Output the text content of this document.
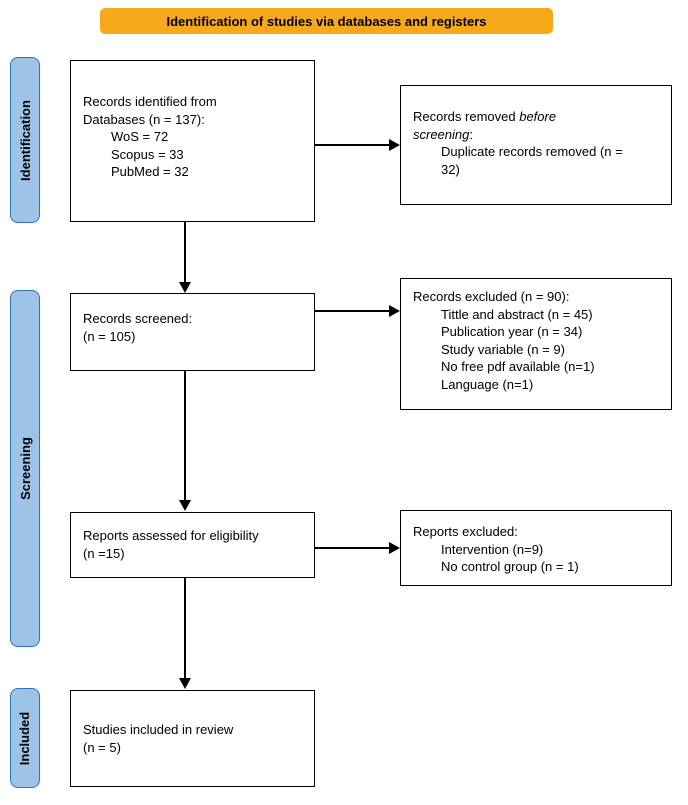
Identification of studies via databases and registers
Identification
Screening
Included
Records identified from
Databases (n = 137):
WoS = 72
Scopus = 33
PubMed = 32
Records removed before screening:
Duplicate records removed (n = 32)
Records screened:
(n = 105)
Records excluded (n = 90):
Tittle and abstract (n = 45)
Publication year (n = 34)
Study variable (n = 9)
No free pdf available (n=1)
Language (n=1)
Reports assessed for eligibility
(n =15)
Reports excluded:
Intervention (n=9)
No control group (n = 1)
Studies included in review
(n = 5)
